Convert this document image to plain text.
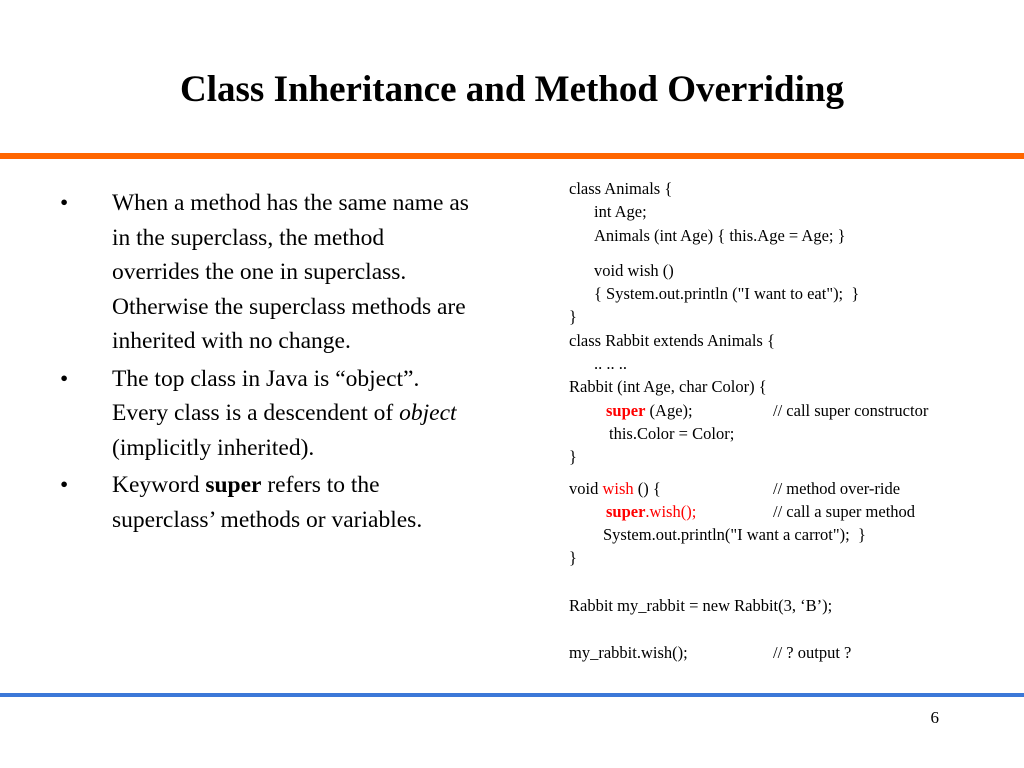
Class Inheritance and Method Overriding
• When a method has the same name as in the superclass, the method overrides the one in superclass. Otherwise the superclass methods are inherited with no change.
• The top class in Java is “object”. Every class is a descendent of object (implicitly inherited).
• Keyword super refers to the superclass’ methods or variables.
class Animals {
int Age;
Animals (int Age) { this.Age = Age; }
void wish ()
{ System.out.println ("I want to eat");  }
}
class Rabbit extends Animals {
.. .. ..
Rabbit (int Age, char Color) {
super (Age);	// call super constructor
this.Color = Color;
}
void wish () {	// method over-ride
super.wish();	// call a super method
System.out.println("I want a carrot");  }
}
Rabbit my_rabbit = new Rabbit(3, ‘B’);
my_rabbit.wish();	// ? output ?
6
